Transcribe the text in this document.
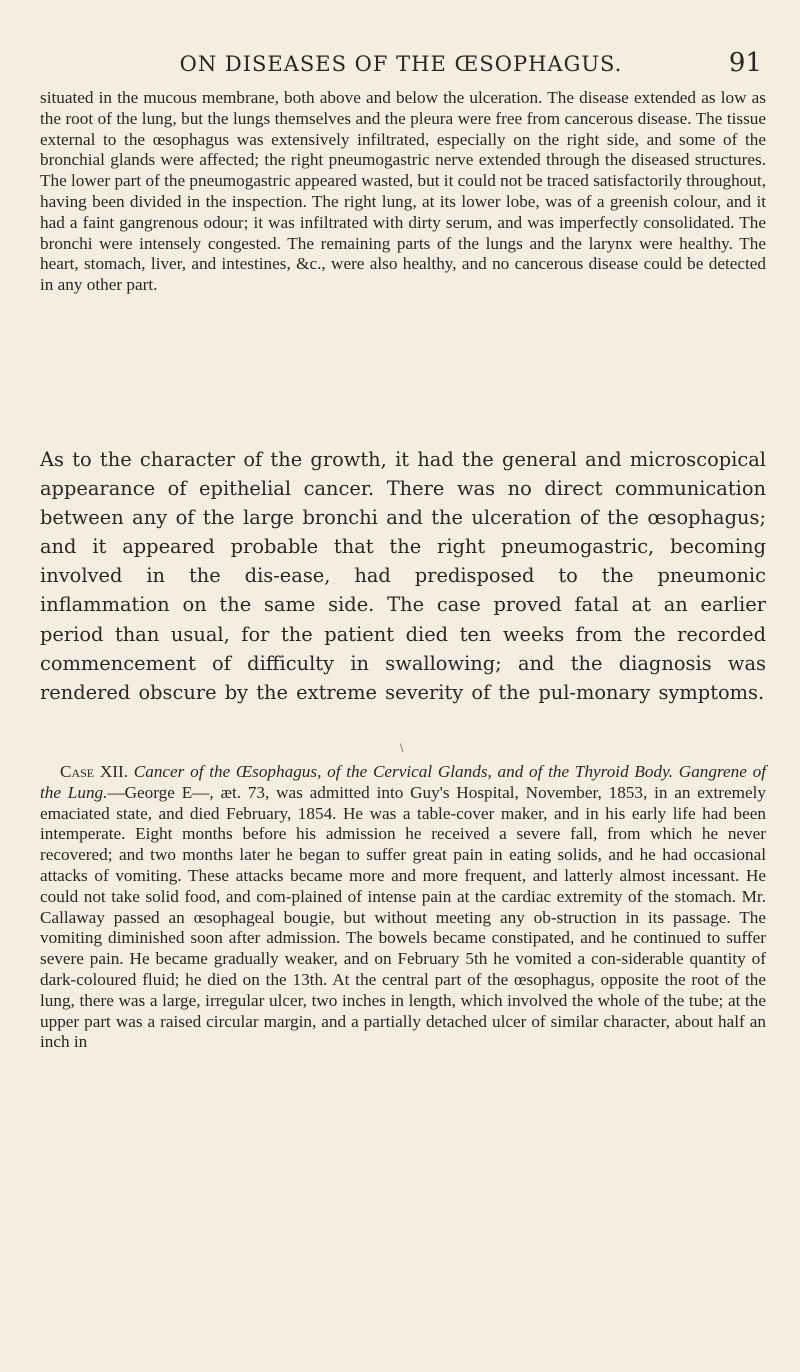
ON DISEASES OF THE ŒSOPHAGUS.	91

situated in the mucous membrane, both above and below the ulceration. The disease extended as low as the root of the lung, but the lungs themselves and the pleura were free from cancerous disease. The tissue external to the œsophagus was extensively infiltrated, especially on the right side, and some of the bronchial glands were affected; the right pneumogastric nerve extended through the diseased structures. The lower part of the pneumogastric appeared wasted, but it could not be traced satisfactorily throughout, having been divided in the inspection. The right lung, at its lower lobe, was of a greenish colour, and it had a faint gangrenous odour; it was infiltrated with dirty serum, and was imperfectly consolidated. The bronchi were intensely congested. The remaining parts of the lungs and the larynx were healthy. The heart, stomach, liver, and intestines, &c., were also healthy, and no cancerous disease could be detected in any other part.

As to the character of the growth, it had the general and microscopical appearance of epithelial cancer. There was no direct communication between any of the large bronchi and the ulceration of the œsophagus; and it appeared probable that the right pneumogastric, becoming involved in the dis-ease, had predisposed to the pneumonic inflammation on the same side. The case proved fatal at an earlier period than usual, for the patient died ten weeks from the recorded commencement of difficulty in swallowing; and the diagnosis was rendered obscure by the extreme severity of the pul-monary symptoms.

\

Case XII. Cancer of the Œsophagus, of the Cervical Glands, and of the Thyroid Body. Gangrene of the Lung.—George E—, æt. 73, was admitted into Guy's Hospital, November, 1853, in an extremely emaciated state, and died February, 1854. He was a table-cover maker, and in his early life had been intemperate. Eight months before his admission he received a severe fall, from which he never recovered; and two months later he began to suffer great pain in eating solids, and he had occasional attacks of vomiting. These attacks became more and more frequent, and latterly almost incessant. He could not take solid food, and com-plained of intense pain at the cardiac extremity of the stomach. Mr. Callaway passed an œsophageal bougie, but without meeting any ob-struction in its passage. The vomiting diminished soon after admission. The bowels became constipated, and he continued to suffer severe pain. He became gradually weaker, and on February 5th he vomited a con-siderable quantity of dark-coloured fluid; he died on the 13th. At the central part of the œsophagus, opposite the root of the lung, there was a large, irregular ulcer, two inches in length, which involved the whole of the tube; at the upper part was a raised circular margin, and a partially detached ulcer of similar character, about half an inch in
